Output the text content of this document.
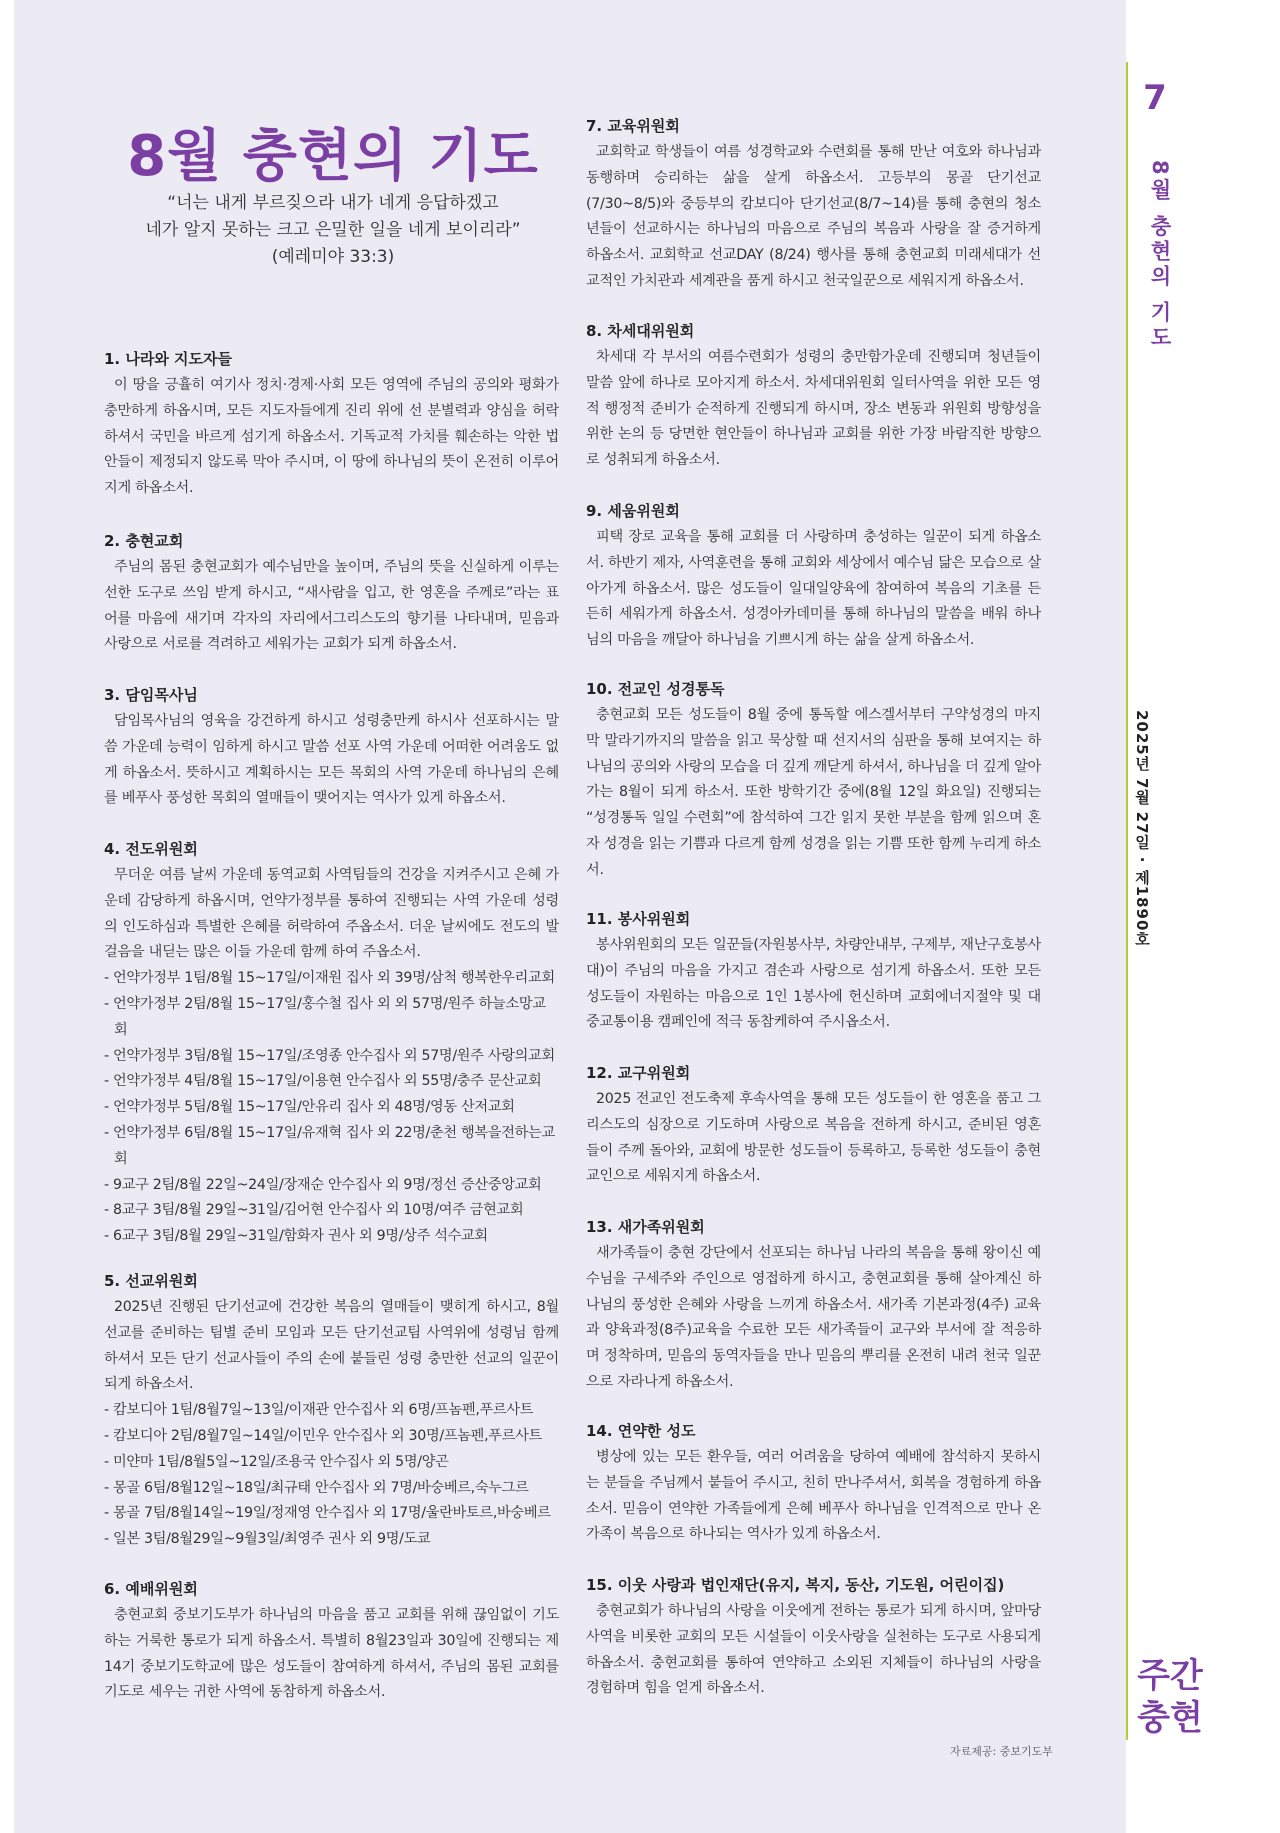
8월 충현의 기도
“너는 내게 부르짖으라 내가 네게 응답하겠고
네가 알지 못하는 크고 은밀한 일을 네게 보이리라”
(예레미야 33:3)
1. 나라와 지도자들

이 땅을 긍휼히 여기사 정치·경제·사회 모든 영역에 주님의 공의와 평화가 충만하게 하옵시며, 모든 지도자들에게 진리 위에 선 분별력과 양심을 허락하셔서 국민을 바르게 섬기게 하옵소서. 기독교적 가치를 훼손하는 악한 법안들이 제정되지 않도록 막아 주시며, 이 땅에 하나님의 뜻이 온전히 이루어지게 하옵소서.

2. 충현교회

주님의 몸된 충현교회가 예수님만을 높이며, 주님의 뜻을 신실하게 이루는 선한 도구로 쓰임 받게 하시고, “새사람을 입고, 한 영혼을 주께로”라는 표어를 마음에 새기며 각자의 자리에서그리스도의 향기를 나타내며, 믿음과 사랑으로 서로를 격려하고 세워가는 교회가 되게 하옵소서.

3. 담임목사님

담임목사님의 영육을 강건하게 하시고 성령충만케 하시사 선포하시는 말씀 가운데 능력이 임하게 하시고 말씀 선포 사역 가운데 어떠한 어려움도 없게 하옵소서. 뜻하시고 계획하시는 모든 목회의 사역 가운데 하나님의 은혜를 베푸사 풍성한 목회의 열매들이 맺어지는 역사가 있게 하옵소서.

4. 전도위원회

무더운 여름 날씨 가운데 동역교회 사역팀들의 건강을 지켜주시고 은혜 가운데 감당하게 하옵시며, 언약가정부를 통하여 진행되는 사역 가운데 성령의 인도하심과 특별한 은혜를 허락하여 주옵소서. 더운 날씨에도 전도의 발걸음을 내딛는 많은 이들 가운데 함께 하여 주옵소서.

- 언약가정부 1팀/8월 15~17일/이재원 집사 외 39명/삼척 행복한우리교회
- 언약가정부 2팀/8월 15~17일/홍수철 집사 외 외 57명/원주 하늘소망교회
- 언약가정부 3팀/8월 15~17일/조영종 안수집사 외 57명/원주 사랑의교회
- 언약가정부 4팀/8월 15~17일/이용현 안수집사 외 55명/충주 문산교회
- 언약가정부 5팀/8월 15~17일/안유리 집사 외 48명/영동 산저교회
- 언약가정부 6팀/8월 15~17일/유재혁 집사 외 22명/춘천 행복을전하는교회
- 9교구 2팀/8월 22일~24일/장재순 안수집사 외 9명/정선 증산중앙교회
- 8교구 3팀/8월 29일~31일/김어현 안수집사 외 10명/여주 금현교회
- 6교구 3팀/8월 29일~31일/함화자 권사 외 9명/상주 석수교회
5. 선교위원회

2025년 진행된 단기선교에 건강한 복음의 열매들이 맺히게 하시고, 8월 선교를 준비하는 팀별 준비 모임과 모든 단기선교팀 사역위에 성령님 함께 하셔서 모든 단기 선교사들이 주의 손에 붙들린 성령 충만한 선교의 일꾼이 되게 하옵소서.

- 캄보디아 1팀/8월7일~13일/이재관 안수집사 외 6명/프놈펜,푸르사트
- 캄보디아 2팀/8월7일~14일/이민우 안수집사 외 30명/프놈펜,푸르사트
- 미얀마 1팀/8월5일~12일/조용국 안수집사 외 5명/양곤
- 몽골 6팀/8월12일~18일/최규태 안수집사 외 7명/바숭베르,숙누그르
- 몽골 7팀/8월14일~19일/정재영 안수집사 외 17명/울란바토르,바숭베르
- 일본 3팀/8월29일~9월3일/최영주 권사 외 9명/도쿄
6. 예배위원회

충현교회 중보기도부가 하나님의 마음을 품고 교회를 위해 끊임없이 기도하는 거룩한 통로가 되게 하옵소서. 특별히 8월23일과 30일에 진행되는 제14기 중보기도학교에 많은 성도들이 참여하게 하셔서, 주님의 몸된 교회를 기도로 세우는 귀한 사역에 동참하게 하옵소서.

7. 교육위원회

교회학교 학생들이 여름 성경학교와 수련회를 통해 만난 여호와 하나님과 동행하며 승리하는 삶을 살게 하옵소서. 고등부의 몽골 단기선교(7/30~8/5)와 중등부의 캄보디아 단기선교(8/7~14)를 통해 충현의 청소년들이 선교하시는 하나님의 마음으로 주님의 복음과 사랑을 잘 증거하게 하옵소서. 교회학교 선교DAY (8/24) 행사를 통해 충현교회 미래세대가 선교적인 가치관과 세계관을 품게 하시고 천국일꾼으로 세워지게 하옵소서.

8. 차세대위원회

차세대 각 부서의 여름수련회가 성령의 충만함가운데 진행되며 청년들이 말씀 앞에 하나로 모아지게 하소서. 차세대위원회 일터사역을 위한 모든 영적 행정적 준비가 순적하게 진행되게 하시며, 장소 변동과 위원회 방향성을 위한 논의 등 당면한 현안들이 하나님과 교회를 위한 가장 바람직한 방향으로 성취되게 하옵소서.

9. 세움위원회

피택 장로 교육을 통해 교회를 더 사랑하며 충성하는 일꾼이 되게 하옵소서. 하반기 제자, 사역훈련을 통해 교회와 세상에서 예수님 닮은 모습으로 살아가게 하옵소서. 많은 성도들이 일대일양육에 참여하여 복음의 기초를 든든히 세워가게 하옵소서. 성경아카데미를 통해 하나님의 말씀을 배워 하나님의 마음을 깨달아 하나님을 기쁘시게 하는 삶을 살게 하옵소서.

10. 전교인 성경통독

충현교회 모든 성도들이 8월 중에 통독할 에스겔서부터 구약성경의 마지막 말라기까지의 말씀을 읽고 묵상할 때 선지서의 심판을 통해 보여지는 하나님의 공의와 사랑의 모습을 더 깊게 깨닫게 하셔서, 하나님을 더 깊게 알아가는 8월이 되게 하소서. 또한 방학기간 중에(8월 12일 화요일) 진행되는 “성경통독 일일 수련회”에 참석하여 그간 읽지 못한 부분을 함께 읽으며 혼자 성경을 읽는 기쁨과 다르게 함께 성경을 읽는 기쁨 또한 함께 누리게 하소서.

11. 봉사위원회

봉사위원회의 모든 일꾼들(자원봉사부, 차량안내부, 구제부, 재난구호봉사대)이 주님의 마음을 가지고 겸손과 사랑으로 섬기게 하옵소서. 또한 모든 성도들이 자원하는 마음으로 1인 1봉사에 헌신하며 교회에너지절약 및 대중교통이용 캠페인에 적극 동참케하여 주시옵소서.

12. 교구위원회

2025 전교인 전도축제 후속사역을 통해 모든 성도들이 한 영혼을 품고 그리스도의 심장으로 기도하며 사랑으로 복음을 전하게 하시고, 준비된 영혼들이 주께 돌아와, 교회에 방문한 성도들이 등록하고, 등록한 성도들이 충현교인으로 세워지게 하옵소서.

13. 새가족위원회

새가족들이 충현 강단에서 선포되는 하나님 나라의 복음을 통해 왕이신 예수님을 구세주와 주인으로 영접하게 하시고, 충현교회를 통해 살아계신 하나님의 풍성한 은혜와 사랑을 느끼게 하옵소서. 새가족 기본과정(4주) 교육과 양육과정(8주)교육을 수료한 모든 새가족들이 교구와 부서에 잘 적응하며 정착하며, 믿음의 동역자들을 만나 믿음의 뿌리를 온전히 내려 천국 일꾼으로 자라나게 하옵소서.

14. 연약한 성도

병상에 있는 모든 환우들, 여러 어려움을 당하여 예배에 참석하지 못하시는 분들을 주님께서 붙들어 주시고, 친히 만나주셔서, 회복을 경험하게 하옵소서. 믿음이 연약한 가족들에게 은혜 베푸사 하나님을 인격적으로 만나 온 가족이 복음으로 하나되는 역사가 있게 하옵소서.

15. 이웃 사랑과 법인재단(유지, 복지, 동산, 기도원, 어린이집)

충현교회가 하나님의 사랑을 이웃에게 전하는 통로가 되게 하시며, 앞마당 사역을 비롯한 교회의 모든 시설들이 이웃사랑을 실천하는 도구로 사용되게 하옵소서. 충현교회를 통하여 연약하고 소외된 지체들이 하나님의 사랑을 경험하며 힘을 얻게 하옵소서.

자료제공: 중보기도부
7
8월 충현의 기도
2025년 7월 27일 · 제1890호
주간 충현
